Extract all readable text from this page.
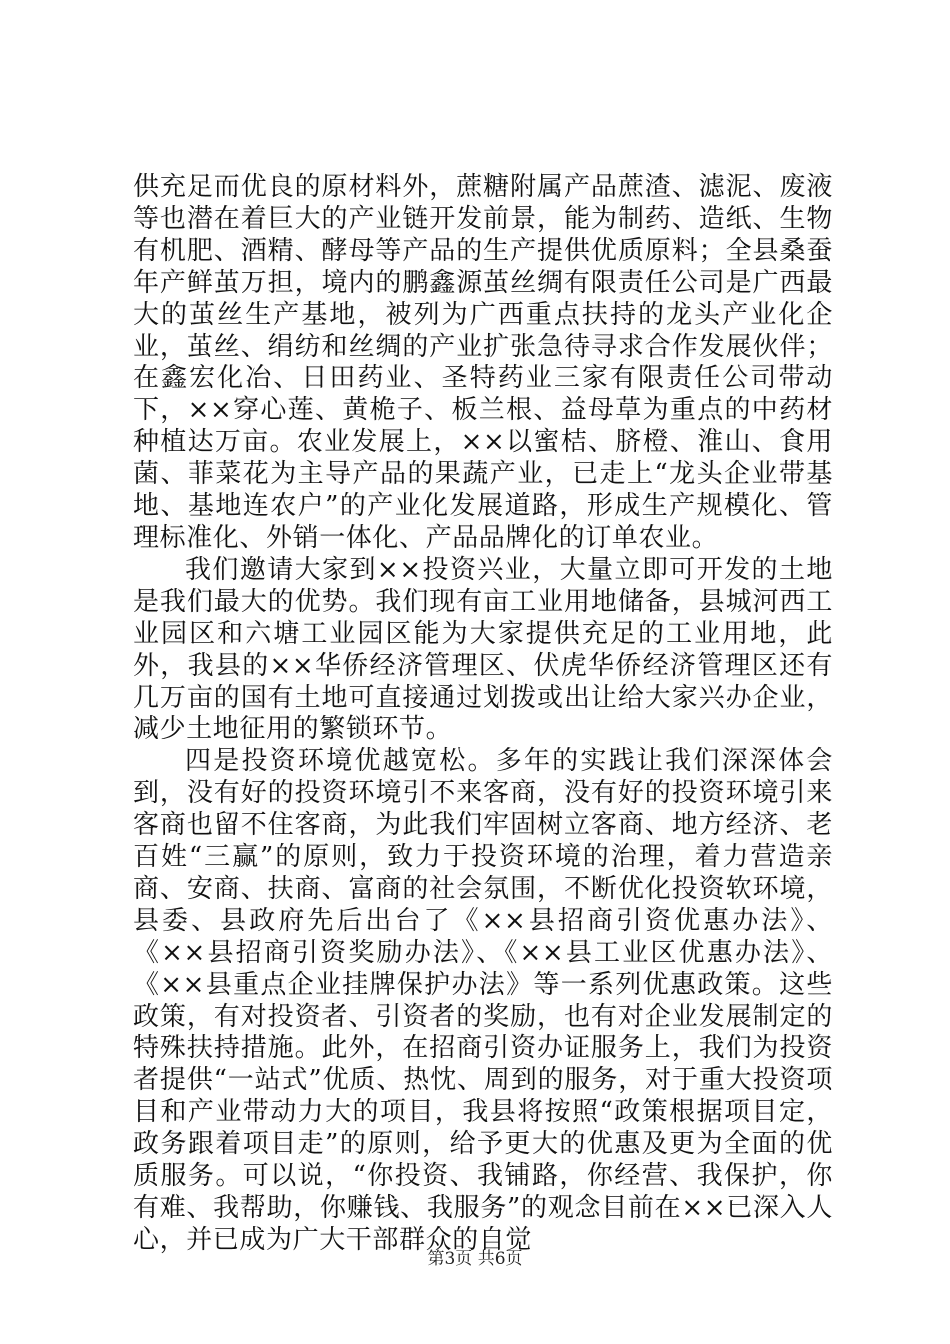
供充足而优良的原材料外，蔗糖附属产品蔗渣、滤泥、废液等也潜在着巨大的产业链开发前景，能为制药、造纸、生物有机肥、酒精、酵母等产品的生产提供优质原料；全县桑蚕年产鲜茧万担，境内的鹏鑫源茧丝绸有限责任公司是广西最大的茧丝生产基地，被列为广西重点扶持的龙头产业化企业，茧丝、绢纺和丝绸的产业扩张急待寻求合作发展伙伴；在鑫宏化冶、日田药业、圣特药业三家有限责任公司带动下，××穿心莲、黄桅子、板兰根、益母草为重点的中药材种植达万亩。农业发展上，××以蜜桔、脐橙、淮山、食用菌、菲菜花为主导产品的果蔬产业，已走上“龙头企业带基地、基地连农户”的产业化发展道路，形成生产规模化、管理标准化、外销一体化、产品品牌化的订单农业。

我们邀请大家到××投资兴业，大量立即可开发的土地是我们最大的优势。我们现有亩工业用地储备，县城河西工业园区和六塘工业园区能为大家提供充足的工业用地，此外，我县的××华侨经济管理区、伏虎华侨经济管理区还有几万亩的国有土地可直接通过划拨或出让给大家兴办企业，减少土地征用的繁锁环节。

四是投资环境优越宽松。多年的实践让我们深深体会到，没有好的投资环境引不来客商，没有好的投资环境引来客商也留不住客商，为此我们牢固树立客商、地方经济、老百姓“三赢”的原则，致力于投资环境的治理，着力营造亲商、安商、扶商、富商的社会氛围，不断优化投资软环境，县委、县政府先后出台了《××县招商引资优惠办法》、《××县招商引资奖励办法》、《××县工业区优惠办法》、《××县重点企业挂牌保护办法》等一系列优惠政策。这些政策，有对投资者、引资者的奖励，也有对企业发展制定的特殊扶持措施。此外，在招商引资办证服务上，我们为投资者提供“一站式”优质、热忱、周到的服务，对于重大投资项目和产业带动力大的项目，我县将按照“政策根据项目定，政务跟着项目走”的原则，给予更大的优惠及更为全面的优质服务。可以说，“你投资、我铺路，你经营、我保护，你有难、我帮助，你赚钱、我服务”的观念目前在××已深入人心，并已成为广大干部群众的自觉

第3页 共6页
